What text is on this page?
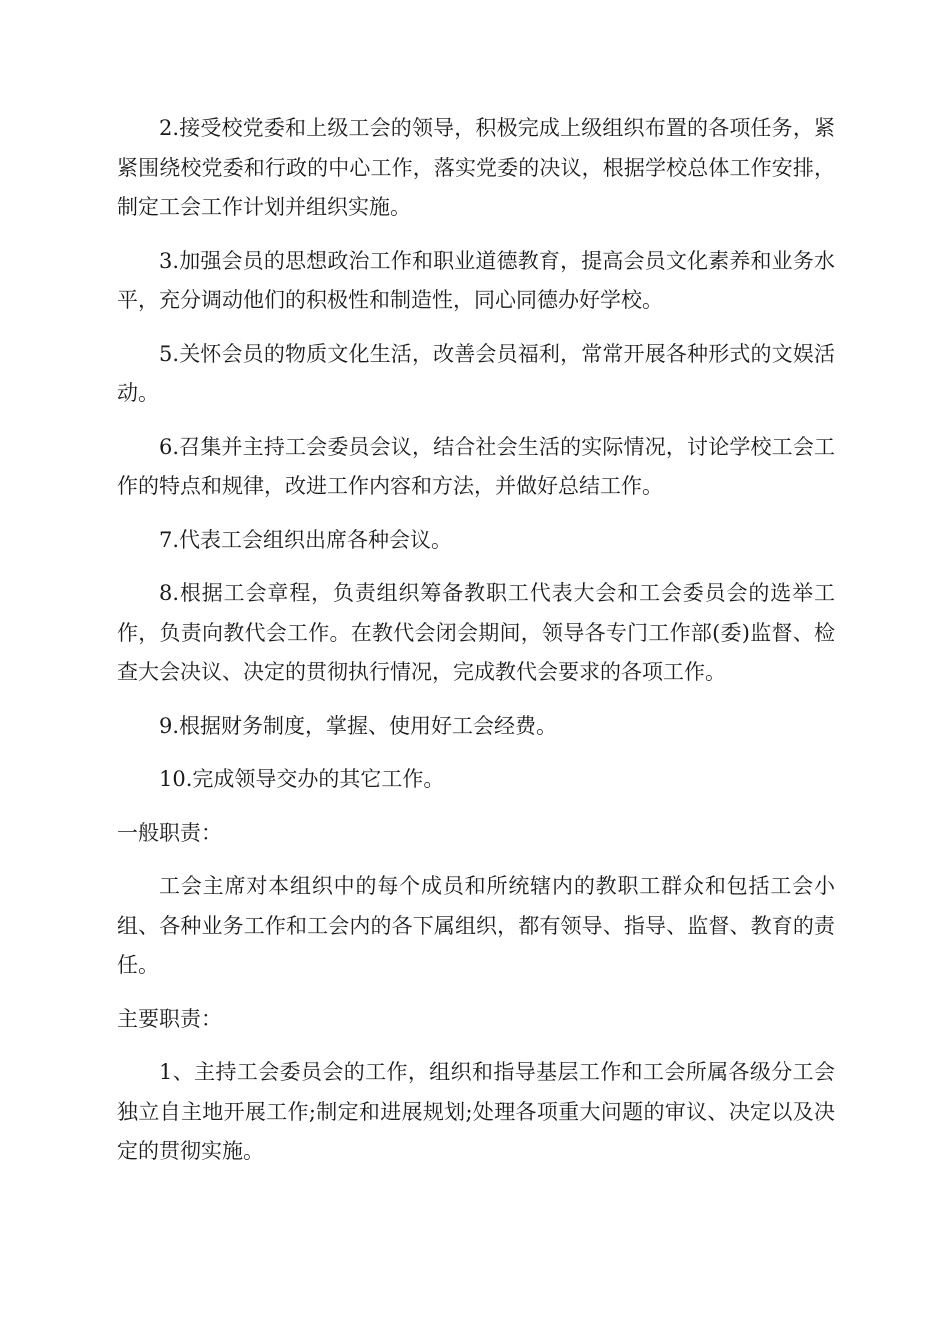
2.接受校党委和上级工会的领导，积极完成上级组织布置的各项任务，紧紧围绕校党委和行政的中心工作，落实党委的决议，根据学校总体工作安排，制定工会工作计划并组织实施。

3.加强会员的思想政治工作和职业道德教育，提高会员文化素养和业务水平，充分调动他们的积极性和制造性，同心同德办好学校。

5.关怀会员的物质文化生活，改善会员福利，常常开展各种形式的文娱活动。

6.召集并主持工会委员会议，结合社会生活的实际情况，讨论学校工会工作的特点和规律，改进工作内容和方法，并做好总结工作。

7.代表工会组织出席各种会议。

8.根据工会章程，负责组织筹备教职工代表大会和工会委员会的选举工作，负责向教代会工作。在教代会闭会期间，领导各专门工作部(委)监督、检查大会决议、决定的贯彻执行情况，完成教代会要求的各项工作。

9.根据财务制度，掌握、使用好工会经费。

10.完成领导交办的其它工作。

一般职责：

工会主席对本组织中的每个成员和所统辖内的教职工群众和包括工会小组、各种业务工作和工会内的各下属组织，都有领导、指导、监督、教育的责任。

主要职责：

1、主持工会委员会的工作，组织和指导基层工作和工会所属各级分工会独立自主地开展工作;制定和进展规划;处理各项重大问题的审议、决定以及决定的贯彻实施。
